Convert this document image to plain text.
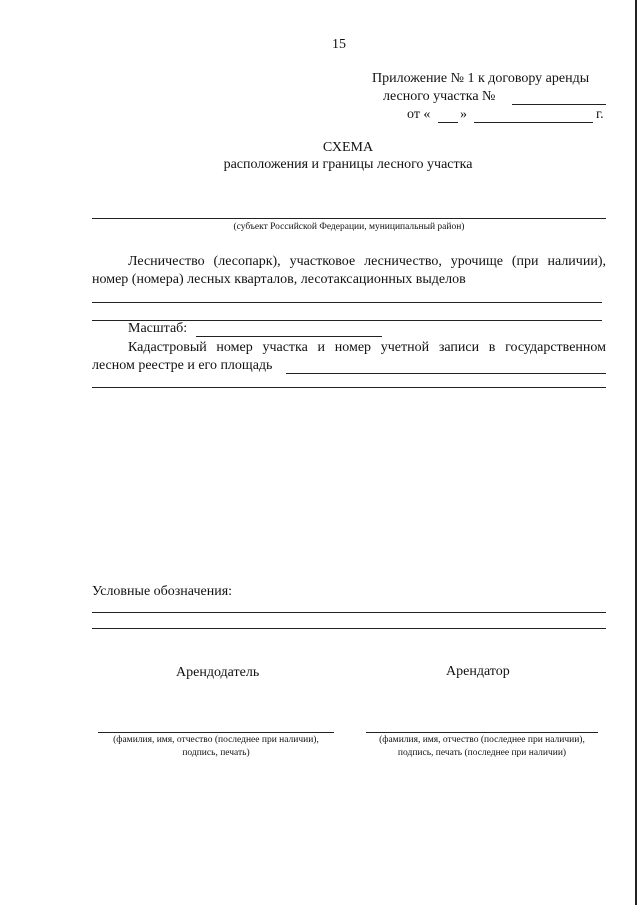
15
Приложение № 1 к договору аренды
лесного участка №
от « »	г.
СХЕМА
расположения и границы лесного участка
(субъект Российской Федерации, муниципальный район)
Лесничество (лесопарк), участковое лесничество, урочище (при наличии),
номер (номера) лесных кварталов, лесотаксационных выделов
Масштаб:
Кадастровый номер участка и номер учетной записи в государственном
лесном реестре и его площадь
Условные обозначения:
Арендодатель	Арендатор
(фамилия, имя, отчество (последнее при наличии),
подпись, печать)
(фамилия, имя, отчество (последнее при наличии),
подпись, печать (последнее при наличии)
